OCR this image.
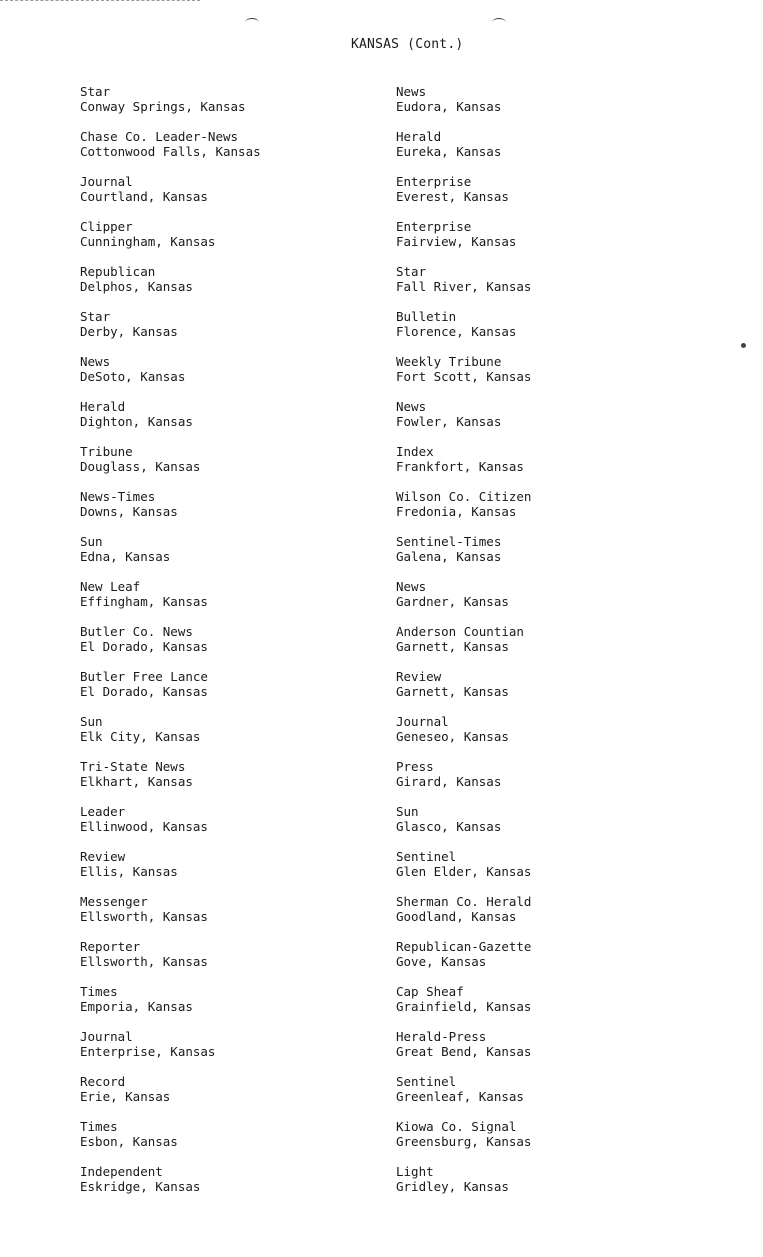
KANSAS (Cont.)
Star
Conway Springs, Kansas
Chase Co. Leader-News
Cottonwood Falls, Kansas
Journal
Courtland, Kansas
Clipper
Cunningham, Kansas
Republican
Delphos, Kansas
Star
Derby, Kansas
News
DeSoto, Kansas
Herald
Dighton, Kansas
Tribune
Douglass, Kansas
News-Times
Downs, Kansas
Sun
Edna, Kansas
New Leaf
Effingham, Kansas
Butler Co. News
El Dorado, Kansas
Butler Free Lance
El Dorado, Kansas
Sun
Elk City, Kansas
Tri-State News
Elkhart, Kansas
Leader
Ellinwood, Kansas
Review
Ellis, Kansas
Messenger
Ellsworth, Kansas
Reporter
Ellsworth, Kansas
Times
Emporia, Kansas
Journal
Enterprise, Kansas
Record
Erie, Kansas
Times
Esbon, Kansas
Independent
Eskridge, Kansas
News
Eudora, Kansas
Herald
Eureka, Kansas
Enterprise
Everest, Kansas
Enterprise
Fairview, Kansas
Star
Fall River, Kansas
Bulletin
Florence, Kansas
Weekly Tribune
Fort Scott, Kansas
News
Fowler, Kansas
Index
Frankfort, Kansas
Wilson Co. Citizen
Fredonia, Kansas
Sentinel-Times
Galena, Kansas
News
Gardner, Kansas
Anderson Countian
Garnett, Kansas
Review
Garnett, Kansas
Journal
Geneseo, Kansas
Press
Girard, Kansas
Sun
Glasco, Kansas
Sentinel
Glen Elder, Kansas
Sherman Co. Herald
Goodland, Kansas
Republican-Gazette
Gove, Kansas
Cap Sheaf
Grainfield, Kansas
Herald-Press
Great Bend, Kansas
Sentinel
Greenleaf, Kansas
Kiowa Co. Signal
Greensburg, Kansas
Light
Gridley, Kansas
